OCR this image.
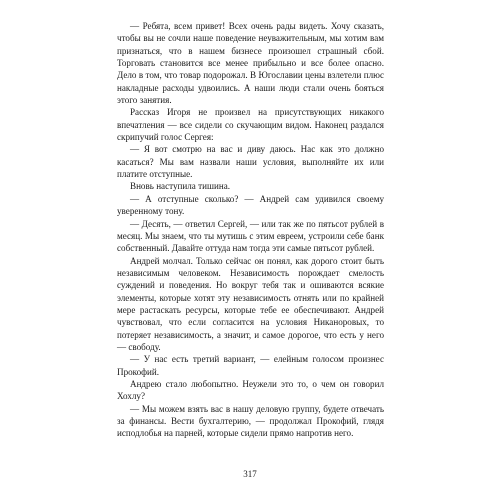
— Ребята, всем привет! Всех очень рады видеть. Хочу сказать, чтобы вы не сочли наше поведение неуважительным, мы хотим вам признаться, что в нашем бизнесе произошел страшный сбой. Торговать становится все менее прибыльно и все более опасно. Дело в том, что товар подорожал. В Югославии цены взлетели плюс накладные расходы удвоились. А наши люди стали очень бояться этого занятия.

Рассказ Игоря не произвел на присутствующих никакого впечатления — все сидели со скучающим видом. Наконец раздался скрипучий голос Сергея:

— Я вот смотрю на вас и диву даюсь. Нас как это должно касаться? Мы вам назвали наши условия, выполняйте их или платите отступные.

Вновь наступила тишина.

— А отступные сколько? — Андрей сам удивился своему уверенному тону.

— Десять, — ответил Сергей, — или так же по пятьсот рублей в месяц. Мы знаем, что ты мутишь с этим евреем, устроили себе банк собственный. Давайте оттуда нам тогда эти самые пятьсот рублей.

Андрей молчал. Только сейчас он понял, как дорого стоит быть независимым человеком. Независимость порождает смелость суждений и поведения. Но вокруг тебя так и ошиваются всякие элементы, которые хотят эту независимость отнять или по крайней мере растаскать ресурсы, которые тебе ее обеспечивают. Андрей чувствовал, что если согласится на условия Никаноровых, то потеряет независимость, а значит, и самое дорогое, что есть у него — свободу.

— У нас есть третий вариант, — елейным голосом произнес Прокофий.

Андрею стало любопытно. Неужели это то, о чем он говорил Хохлу?

— Мы можем взять вас в нашу деловую группу, будете отвечать за финансы. Вести бухгалтерию, — продолжал Прокофий, глядя исподлобья на парней, которые сидели прямо напротив него.

317
